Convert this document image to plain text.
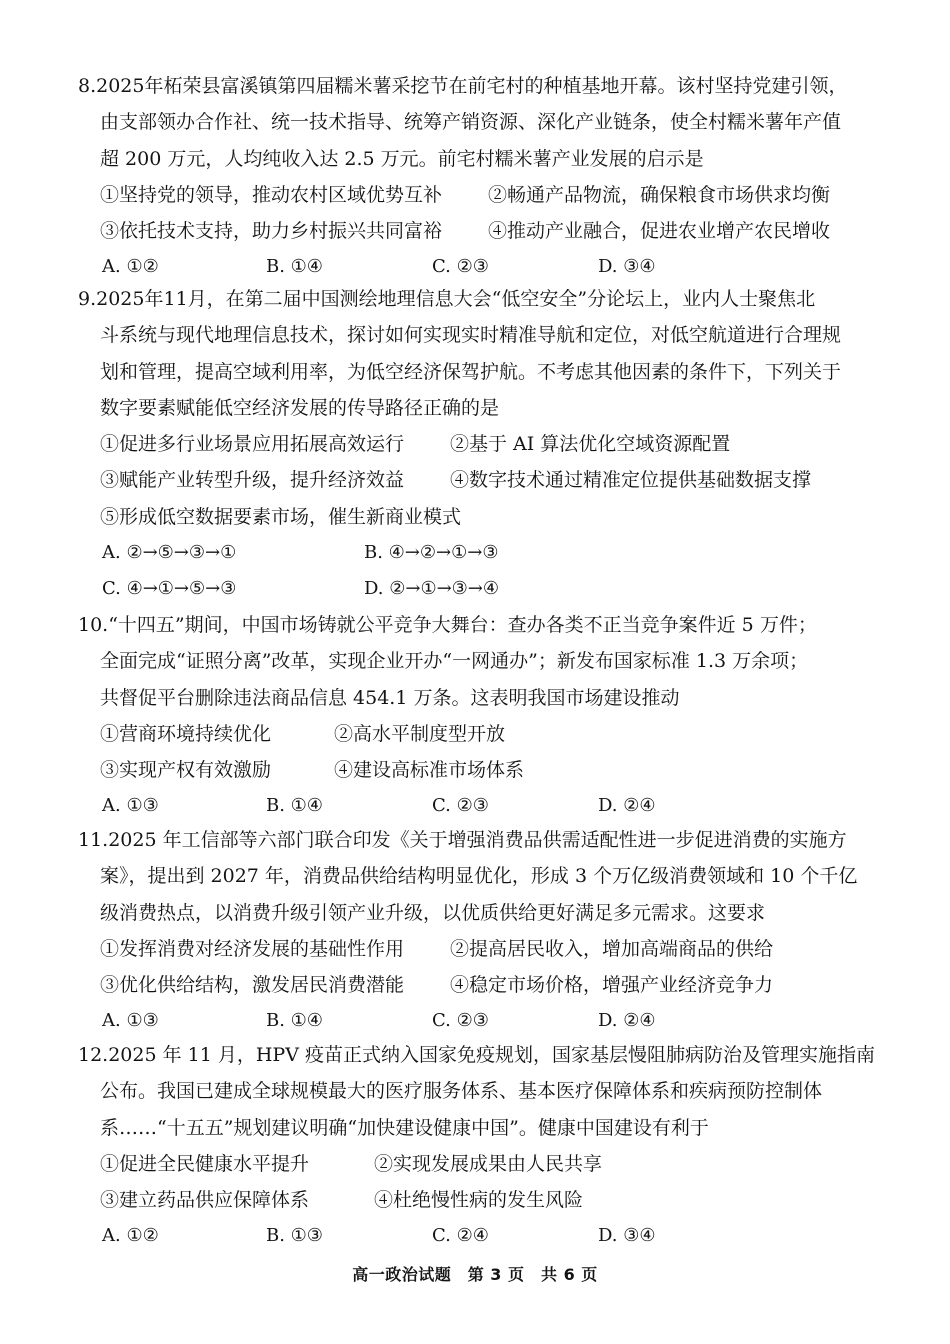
8.2025年柘荣县富溪镇第四届糯米薯采挖节在前宅村的种植基地开幕。该村坚持党建引领，
由支部领办合作社、统一技术指导、统筹产销资源、深化产业链条，使全村糯米薯年产值
超 200 万元，人均纯收入达 2.5 万元。前宅村糯米薯产业发展的启示是
①坚持党的领导，推动农村区域优势互补 ②畅通产品物流，确保粮食市场供求均衡
③依托技术支持，助力乡村振兴共同富裕 ④推动产业融合，促进农业增产农民增收
A. ①②	B. ①④	C. ②③	D. ③④
9.2025年11月，在第二届中国测绘地理信息大会“低空安全”分论坛上，业内人士聚焦北
斗系统与现代地理信息技术，探讨如何实现实时精准导航和定位，对低空航道进行合理规
划和管理，提高空域利用率，为低空经济保驾护航。不考虑其他因素的条件下，下列关于
数字要素赋能低空经济发展的传导路径正确的是
①促进多行业场景应用拓展高效运行 ②基于 AI 算法优化空域资源配置
③赋能产业转型升级，提升经济效益 ④数字技术通过精准定位提供基础数据支撑
⑤形成低空数据要素市场，催生新商业模式
A. ②→⑤→③→①	B. ④→②→①→③
C. ④→①→⑤→③	D. ②→①→③→④
10.“十四五”期间，中国市场铸就公平竞争大舞台：查办各类不正当竞争案件近 5 万件；
全面完成“证照分离”改革，实现企业开办“一网通办”；新发布国家标准 1.3 万余项；
共督促平台删除违法商品信息 454.1 万条。这表明我国市场建设推动
①营商环境持续优化	②高水平制度型开放
③实现产权有效激励	④建设高标准市场体系
A. ①③	B. ①④	C. ②③	D. ②④
11.2025 年工信部等六部门联合印发《关于增强消费品供需适配性进一步促进消费的实施方
案》，提出到 2027 年，消费品供给结构明显优化，形成 3 个万亿级消费领域和 10 个千亿
级消费热点，以消费升级引领产业升级，以优质供给更好满足多元需求。这要求
①发挥消费对经济发展的基础性作用 ②提高居民收入，增加高端商品的供给
③优化供给结构，激发居民消费潜能 ④稳定市场价格，增强产业经济竞争力
A. ①③	B. ①④	C. ②③	D. ②④
12.2025 年 11 月，HPV 疫苗正式纳入国家免疫规划，国家基层慢阻肺病防治及管理实施指南
公布。我国已建成全球规模最大的医疗服务体系、基本医疗保障体系和疾病预防控制体
系……“十五五”规划建议明确“加快建设健康中国”。健康中国建设有利于
①促进全民健康水平提升	②实现发展成果由人民共享
③建立药品供应保障体系	④杜绝慢性病的发生风险
A. ①②	B. ①③	C. ②④	D. ③④
高一政治试题　第 3 页　共 6 页
